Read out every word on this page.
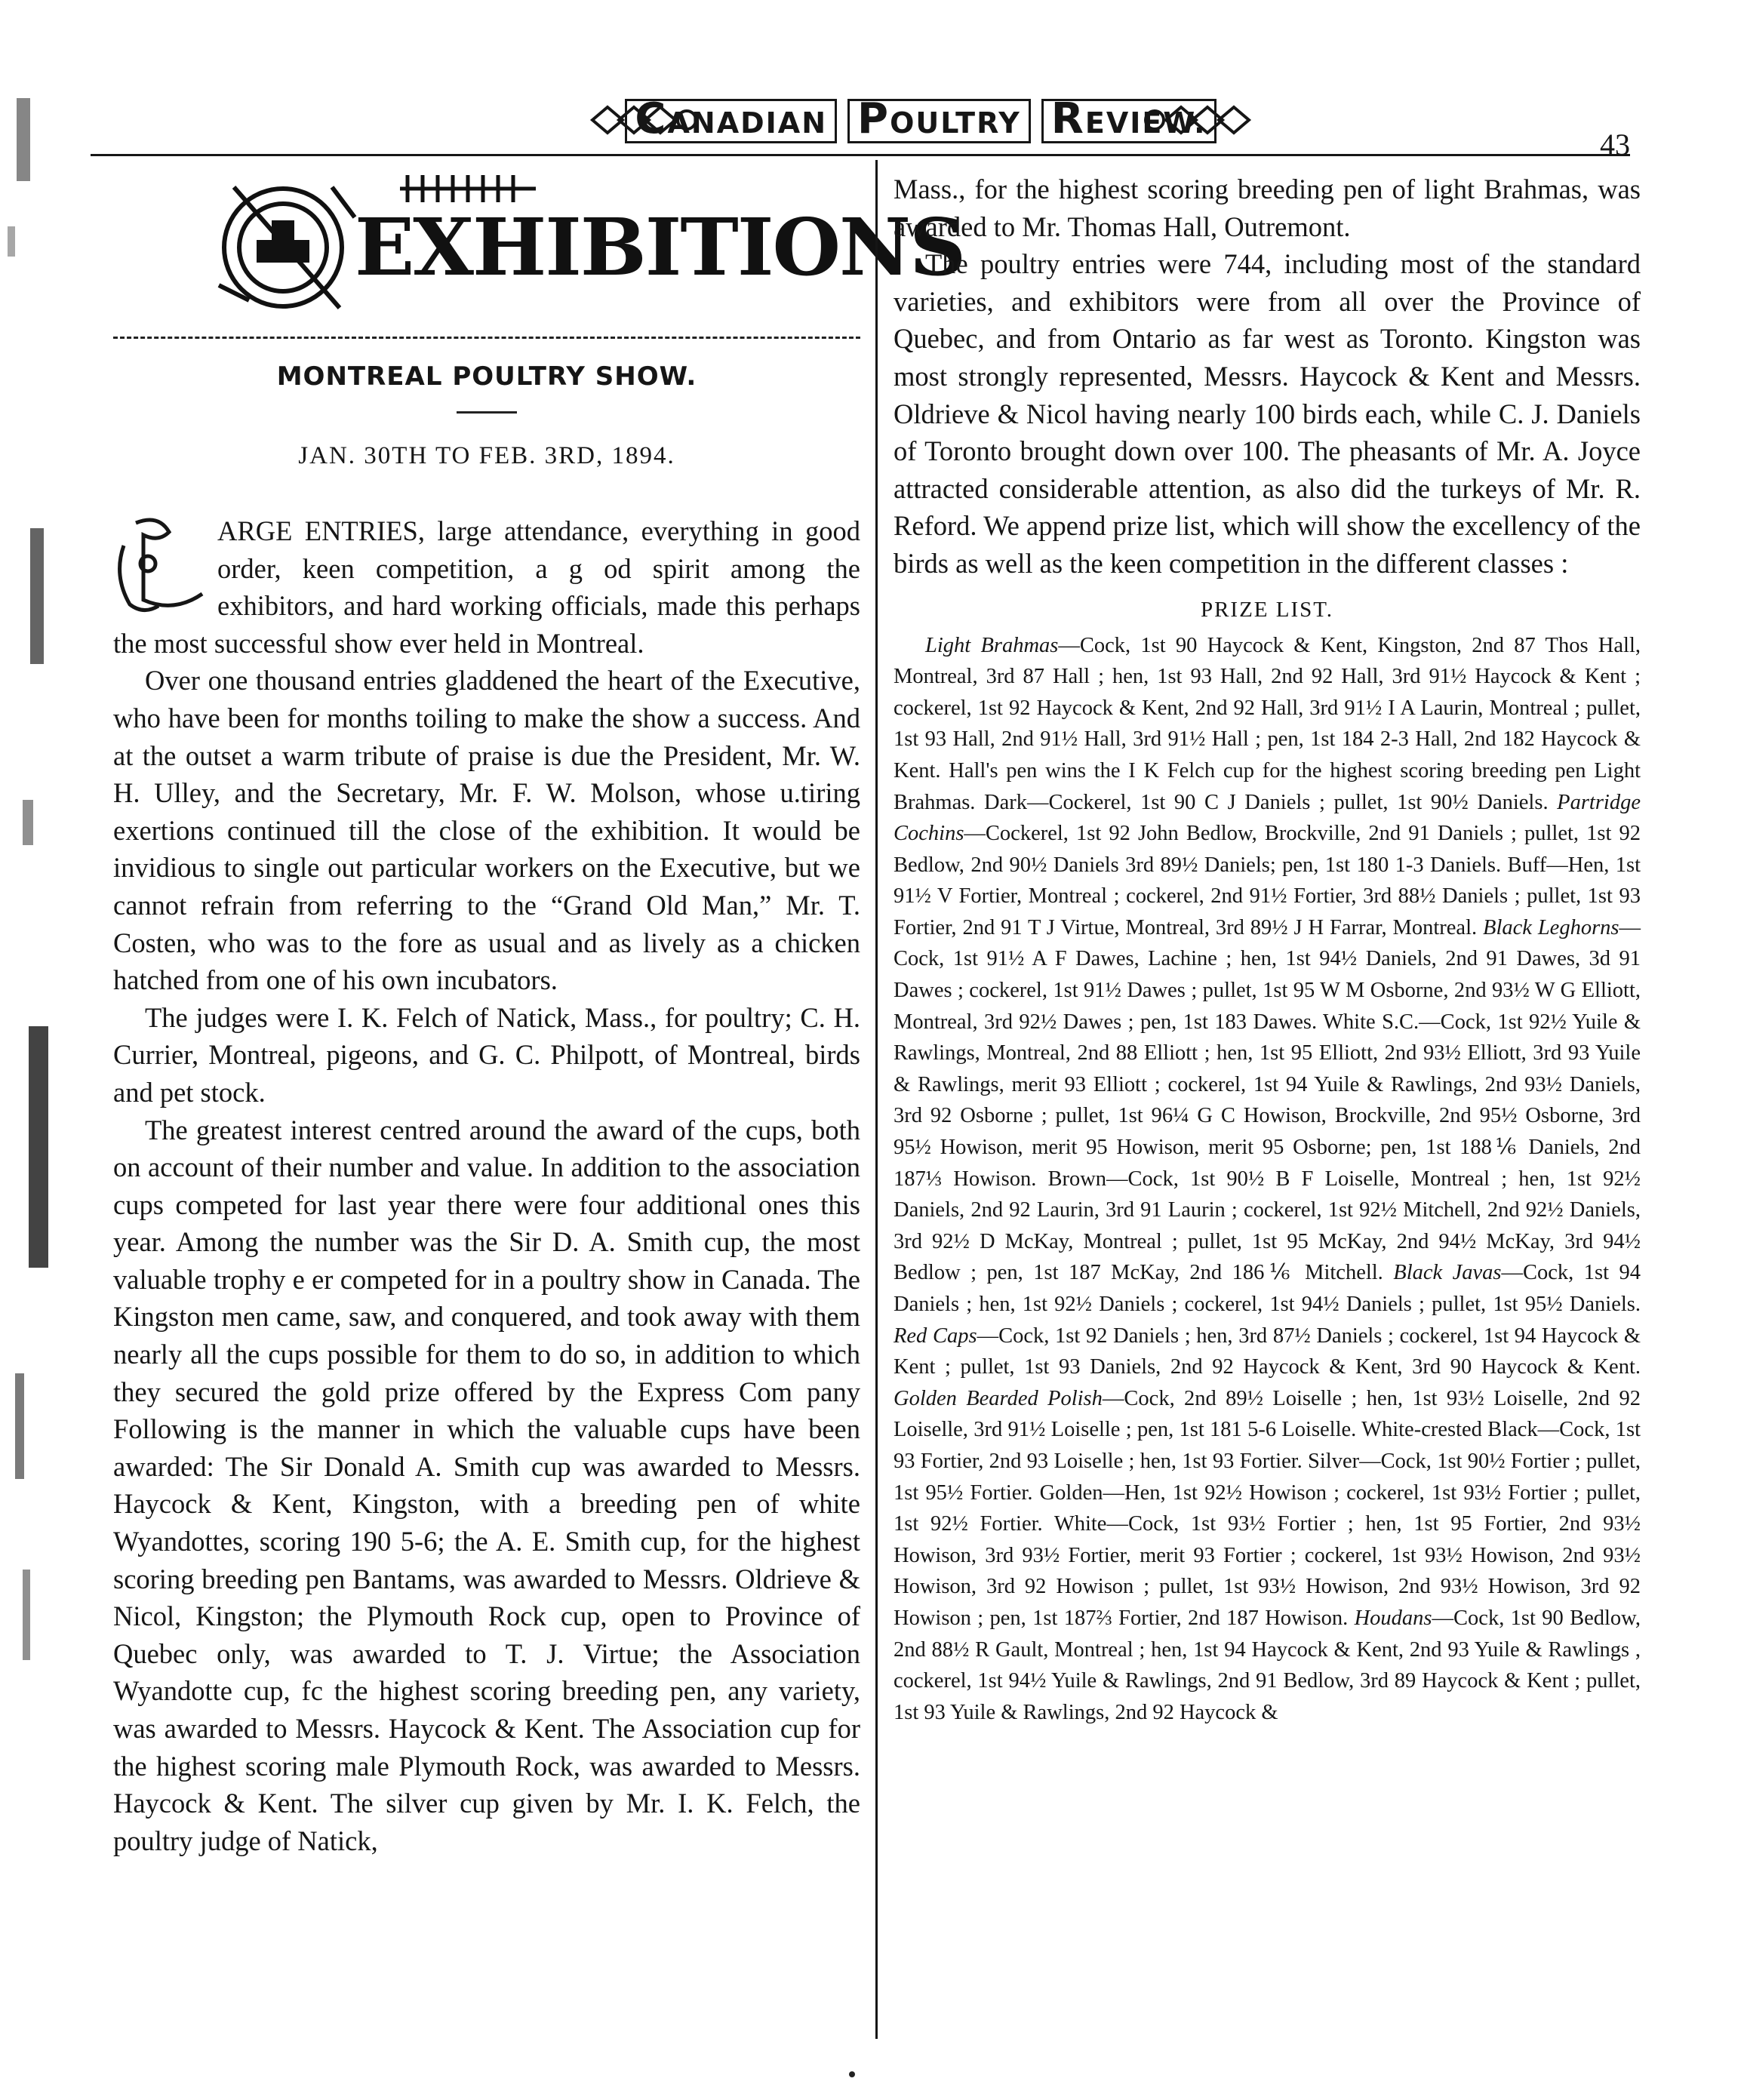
CANADIAN	POULTRY	REVIEW.
43
EXHIBITIONS
MONTREAL POULTRY SHOW.
JAN. 30TH TO FEB. 3RD, 1894.

ARGE ENTRIES, large attendance, everything in good order, keen competition, a g od spirit among the exhibitors, and hard working officials, made this perhaps the most successful show ever held in Montreal.

Over one thousand entries gladdened the heart of the Executive, who have been for months toiling to make the show a success. And at the outset a warm tribute of praise is due the President, Mr. W. H. Ulley, and the Secretary, Mr. F. W. Molson, whose u.tiring exertions continued till the close of the exhibition. It would be invidious to single out particular workers on the Executive, but we cannot refrain from referring to the “Grand Old Man,” Mr. T. Costen, who was to the fore as usual and as lively as a chicken hatched from one of his own incubators.

The judges were I. K. Felch of Natick, Mass., for poultry; C. H. Currier, Montreal, pigeons, and G. C. Philpott, of Montreal, birds and pet stock.

The greatest interest centred around the award of the cups, both on account of their number and value. In addition to the association cups competed for last year there were four additional ones this year. Among the number was the Sir D. A. Smith cup, the most valuable trophy e er competed for in a poultry show in Canada. The Kingston men came, saw, and conquered, and took away with them nearly all the cups possible for them to do so, in addition to which they secured the gold prize offered by the Express Com pany Following is the manner in which the valuable cups have been awarded: The Sir Donald A. Smith cup was awarded to Messrs. Haycock & Kent, Kingston, with a breeding pen of white Wyandottes, scoring 190 5-6; the A. E. Smith cup, for the highest scoring breeding pen Bantams, was awarded to Messrs. Oldrieve & Nicol, Kingston; the Plymouth Rock cup, open to Province of Quebec only, was awarded to T. J. Virtue; the Association Wyandotte cup, fc the highest scoring breeding pen, any variety, was awarded to Messrs. Haycock & Kent. The Association cup for the highest scoring male Plymouth Rock, was awarded to Messrs. Haycock & Kent. The silver cup given by Mr. I. K. Felch, the poultry judge of Natick,

Mass., for the highest scoring breeding pen of light Brahmas, was awarded to Mr. Thomas Hall, Outremont.

The poultry entries were 744, including most of the standard varieties, and exhibitors were from all over the Province of Quebec, and from Ontario as far west as Toronto. Kingston was most strongly represented, Messrs. Haycock & Kent and Messrs. Oldrieve & Nicol having nearly 100 birds each, while C. J. Daniels of Toronto brought down over 100. The pheasants of Mr. A. Joyce attracted considerable attention, as also did the turkeys of Mr. R. Reford. We append prize list, which will show the excellency of the birds as well as the keen competition in the different classes :

PRIZE LIST.

Light Brahmas—Cock, 1st 90 Haycock & Kent, Kingston, 2nd 87 Thos Hall, Montreal, 3rd 87 Hall ; hen, 1st 93 Hall, 2nd 92 Hall, 3rd 91½ Haycock & Kent ; cockerel, 1st 92 Haycock & Kent, 2nd 92 Hall, 3rd 91½ I A Laurin, Montreal ; pullet, 1st 93 Hall, 2nd 91½ Hall, 3rd 91½ Hall ; pen, 1st 184 2-3 Hall, 2nd 182 Haycock & Kent. Hall's pen wins the I K Felch cup for the highest scoring breeding pen Light Brahmas. Dark—Cockerel, 1st 90 C J Daniels ; pullet, 1st 90½ Daniels. Partridge Cochins—Cockerel, 1st 92 John Bedlow, Brockville, 2nd 91 Daniels ; pullet, 1st 92 Bedlow, 2nd 90½ Daniels 3rd 89½ Daniels; pen, 1st 180 1-3 Daniels. Buff—Hen, 1st 91½ V Fortier, Montreal ; cockerel, 2nd 91½ Fortier, 3rd 88½ Daniels ; pullet, 1st 93 Fortier, 2nd 91 T J Virtue, Montreal, 3rd 89½ J H Farrar, Montreal. Black Leghorns—Cock, 1st 91½ A F Dawes, Lachine ; hen, 1st 94½ Daniels, 2nd 91 Dawes, 3d 91 Dawes ; cockerel, 1st 91½ Dawes ; pullet, 1st 95 W M Osborne, 2nd 93½ W G Elliott, Montreal, 3rd 92½ Dawes ; pen, 1st 183 Dawes. White S.C.—Cock, 1st 92½ Yuile & Rawlings, Montreal, 2nd 88 Elliott ; hen, 1st 95 Elliott, 2nd 93½ Elliott, 3rd 93 Yuile & Rawlings, merit 93 Elliott ; cockerel, 1st 94 Yuile & Rawlings, 2nd 93½ Daniels, 3rd 92 Osborne ; pullet, 1st 96¼ G C Howison, Brockville, 2nd 95½ Osborne, 3rd 95½ Howison, merit 95 Howison, merit 95 Osborne; pen, 1st 188⅙ Daniels, 2nd 187⅓ Howison. Brown—Cock, 1st 90½ B F Loiselle, Montreal ; hen, 1st 92½ Daniels, 2nd 92 Laurin, 3rd 91 Laurin ; cockerel, 1st 92½ Mitchell, 2nd 92½ Daniels, 3rd 92½ D McKay, Montreal ; pullet, 1st 95 McKay, 2nd 94½ McKay, 3rd 94½ Bedlow ; pen, 1st 187 McKay, 2nd 186⅙ Mitchell. Black Javas—Cock, 1st 94 Daniels ; hen, 1st 92½ Daniels ; cockerel, 1st 94½ Daniels ; pullet, 1st 95½ Daniels. Red Caps—Cock, 1st 92 Daniels ; hen, 3rd 87½ Daniels ; cockerel, 1st 94 Haycock & Kent ; pullet, 1st 93 Daniels, 2nd 92 Haycock & Kent, 3rd 90 Haycock & Kent. Golden Bearded Polish—Cock, 2nd 89½ Loiselle ; hen, 1st 93½ Loiselle, 2nd 92 Loiselle, 3rd 91½ Loiselle ; pen, 1st 181 5-6 Loiselle. White-crested Black—Cock, 1st 93 Fortier, 2nd 93 Loiselle ; hen, 1st 93 Fortier. Silver—Cock, 1st 90½ Fortier ; pullet, 1st 95½ Fortier. Golden—Hen, 1st 92½ Howison ; cockerel, 1st 93½ Fortier ; pullet, 1st 92½ Fortier. White—Cock, 1st 93½ Fortier ; hen, 1st 95 Fortier, 2nd 93½ Howison, 3rd 93½ Fortier, merit 93 Fortier ; cockerel, 1st 93½ Howison, 2nd 93½ Howison, 3rd 92 Howison ; pullet, 1st 93½ Howison, 2nd 93½ Howison, 3rd 92 Howison ; pen, 1st 187⅔ Fortier, 2nd 187 Howison. Houdans—Cock, 1st 90 Bedlow, 2nd 88½ R Gault, Montreal ; hen, 1st 94 Haycock & Kent, 2nd 93 Yuile & Rawlings , cockerel, 1st 94½ Yuile & Rawlings, 2nd 91 Bedlow, 3rd 89 Haycock & Kent ; pullet, 1st 93 Yuile & Rawlings, 2nd 92 Haycock &
